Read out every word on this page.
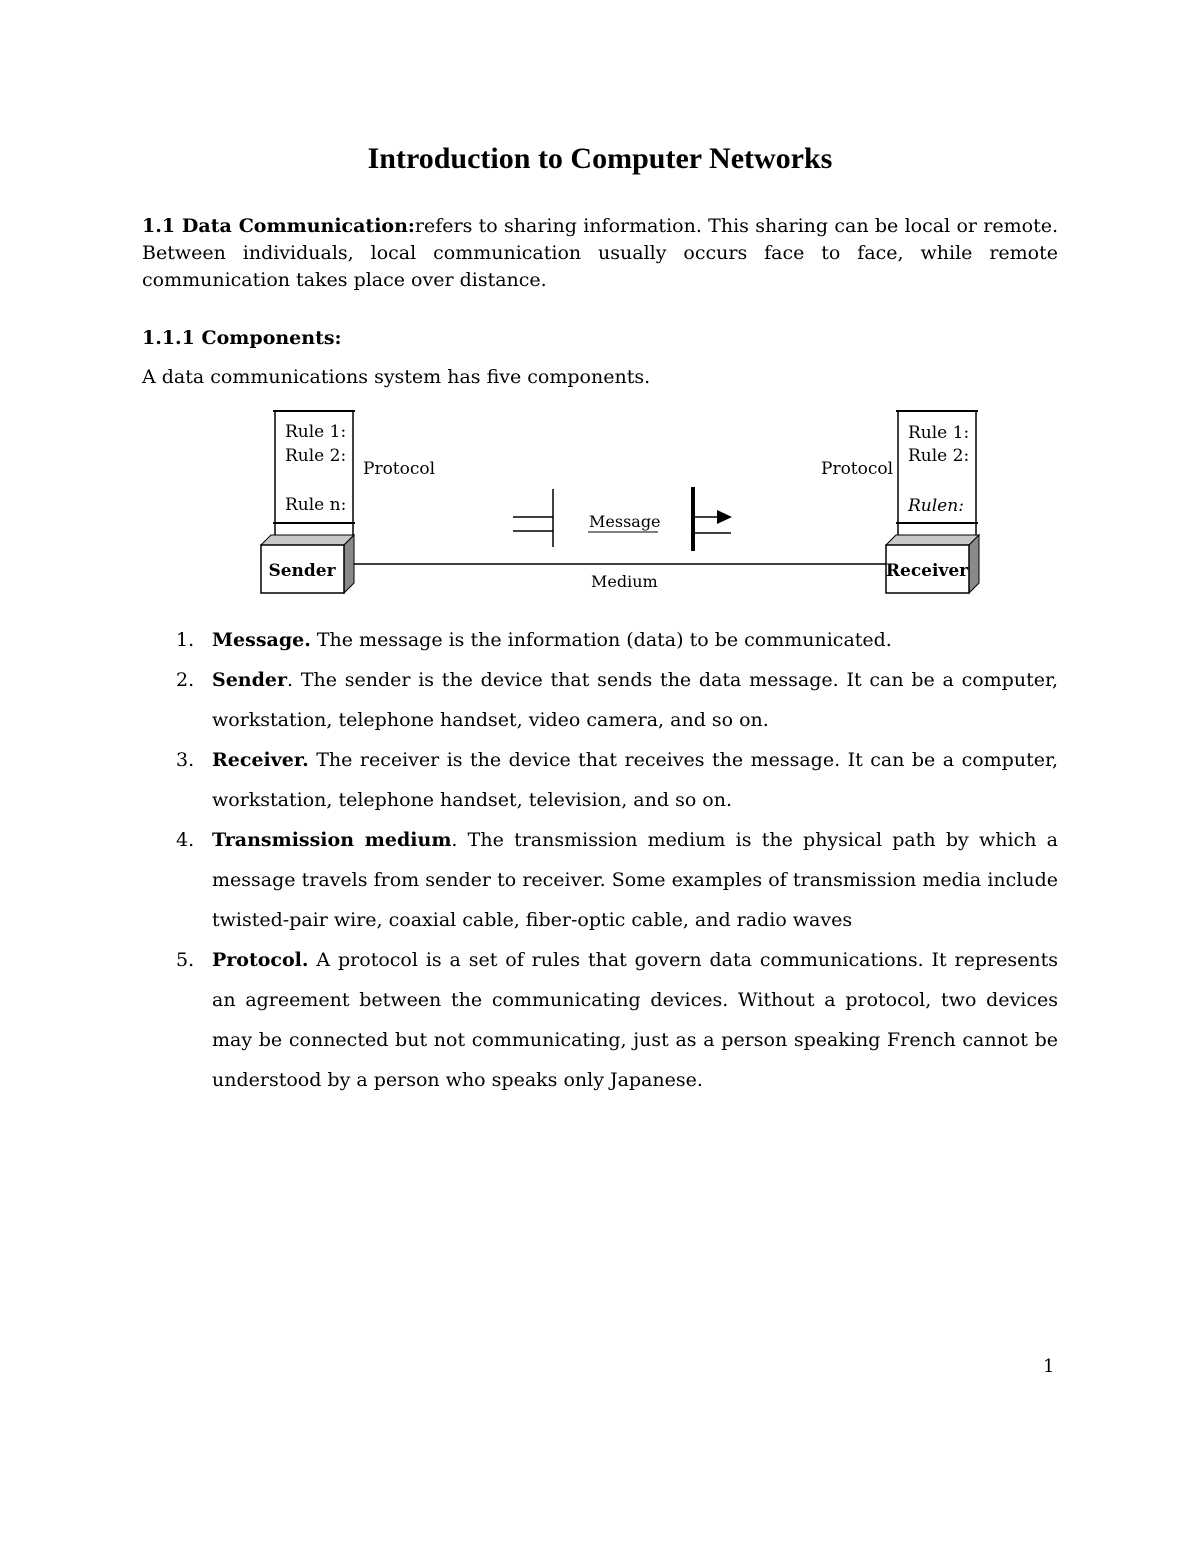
Introduction to Computer Networks
1.1 Data Communication:refers to sharing information. This sharing can be local or remote. Between individuals, local communication usually occurs face to face, while remote communication takes place over distance.
1.1.1 Components:
A data communications system has five components.
Rule 1:
Rule 2:
Rule n:
Protocol
Rule 1:
Rule 2:
Rulen:
Protocol
Message
Medium
Sender	Receiver
1. Message. The message is the information (data) to be communicated.
2. Sender. The sender is the device that sends the data message. It can be a computer, workstation, telephone handset, video camera, and so on.
3. Receiver. The receiver is the device that receives the message. It can be a computer, workstation, telephone handset, television, and so on.
4. Transmission medium. The transmission medium is the physical path by which a message travels from sender to receiver. Some examples of transmission media include twisted-pair wire, coaxial cable, fiber-optic cable, and radio waves
5. Protocol. A protocol is a set of rules that govern data communications. It represents an agreement between the communicating devices. Without a protocol, two devices may be connected but not communicating, just as a person speaking French cannot be understood by a person who speaks only Japanese.
1
